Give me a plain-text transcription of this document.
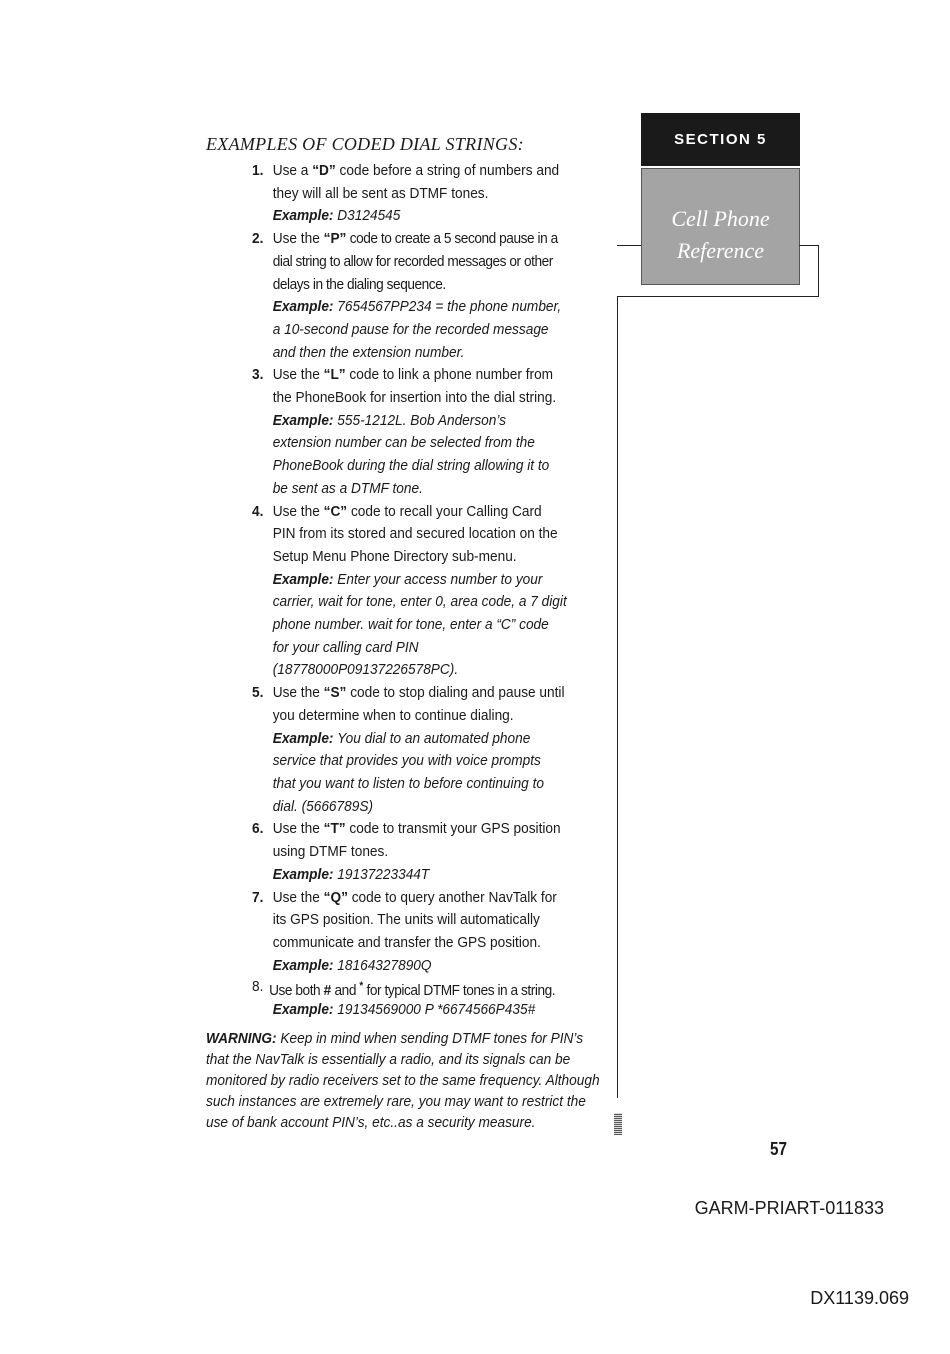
EXAMPLES OF CODED DIAL STRINGS:
1. Use a “D” code before a string of numbers and they will all be sent as DTMF tones.
Example: D3124545
2. Use the “P” code to create a 5 second pause in a dial string to allow for recorded messages or other delays in the dialing sequence.
Example: 7654567PP234 = the phone number, a 10-second pause for the recorded message and then the extension number.
3. Use the “L” code to link a phone number from the PhoneBook for insertion into the dial string.
Example: 555-1212L. Bob Anderson’s extension number can be selected from the PhoneBook during the dial string allowing it to be sent as a DTMF tone.
4. Use the “C” code to recall your Calling Card PIN from its stored and secured location on the Setup Menu Phone Directory sub-menu.
Example: Enter your access number to your carrier, wait for tone, enter 0, area code, a 7 digit phone number. wait for tone, enter a “C” code for your calling card PIN (18778000P09137226578PC).
5. Use the “S” code to stop dialing and pause until you determine when to continue dialing.
Example: You dial to an automated phone service that provides you with voice prompts that you want to listen to before continuing to dial. (5666789S)
6. Use the “T” code to transmit your GPS position using DTMF tones.
Example: 19137223344T
7. Use the “Q” code to query another NavTalk for its GPS position. The units will automatically communicate and transfer the GPS position.
Example: 18164327890Q
8. Use both # and * for typical DTMF tones in a string.
Example: 19134569000 P *6674566P435#
WARNING: Keep in mind when sending DTMF tones for PIN’s that the NavTalk is essentially a radio, and its signals can be monitored by radio receivers set to the same frequency. Although such instances are extremely rare, you may want to restrict the use of bank account PIN’s, etc..as a security measure.
SECTION 5
Cell Phone
Reference
57
GARM-PRIART-011833
DX1139.069
